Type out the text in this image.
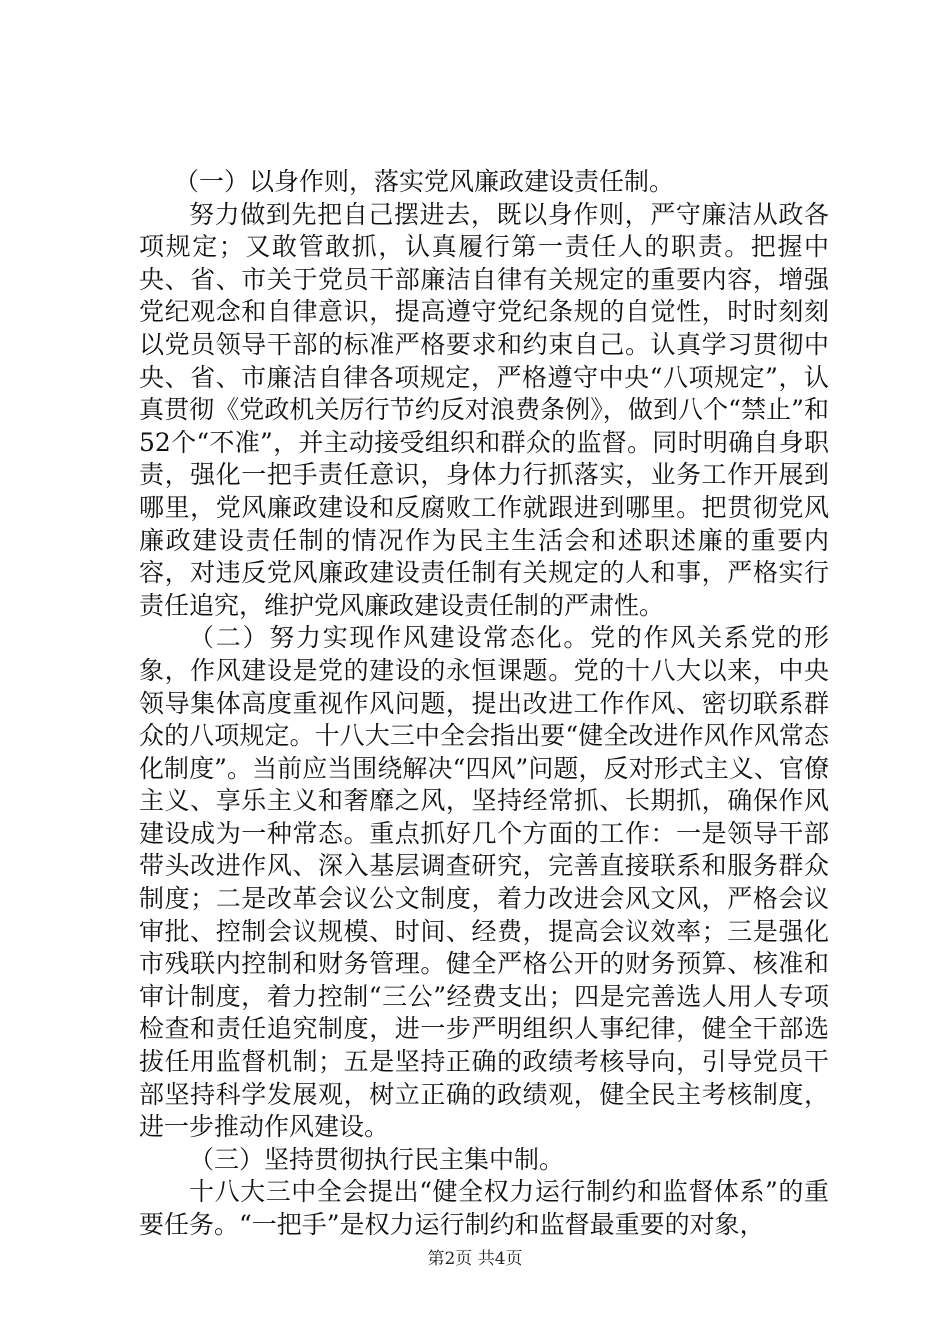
（一）以身作则，落实党风廉政建设责任制。

努力做到先把自己摆进去，既以身作则，严守廉洁从政各项规定；又敢管敢抓，认真履行第一责任人的职责。把握中央、省、市关于党员干部廉洁自律有关规定的重要内容，增强党纪观念和自律意识，提高遵守党纪条规的自觉性，时时刻刻以党员领导干部的标准严格要求和约束自己。认真学习贯彻中央、省、市廉洁自律各项规定，严格遵守中央“八项规定”，认真贯彻《党政机关厉行节约反对浪费条例》，做到八个“禁止”和52个“不准”，并主动接受组织和群众的监督。同时明确自身职责，强化一把手责任意识，身体力行抓落实，业务工作开展到哪里，党风廉政建设和反腐败工作就跟进到哪里。把贯彻党风廉政建设责任制的情况作为民主生活会和述职述廉的重要内容，对违反党风廉政建设责任制有关规定的人和事，严格实行责任追究，维护党风廉政建设责任制的严肃性。

（二）努力实现作风建设常态化。党的作风关系党的形象，作风建设是党的建设的永恒课题。党的十八大以来，中央领导集体高度重视作风问题，提出改进工作作风、密切联系群众的八项规定。十八大三中全会指出要“健全改进作风作风常态化制度”。当前应当围绕解决“四风”问题，反对形式主义、官僚主义、享乐主义和奢靡之风，坚持经常抓、长期抓，确保作风建设成为一种常态。重点抓好几个方面的工作：一是领导干部带头改进作风、深入基层调查研究，完善直接联系和服务群众制度；二是改革会议公文制度，着力改进会风文风，严格会议审批、控制会议规模、时间、经费，提高会议效率；三是强化市残联内控制和财务管理。健全严格公开的财务预算、核准和审计制度，着力控制“三公”经费支出；四是完善选人用人专项检查和责任追究制度，进一步严明组织人事纪律，健全干部选拔任用监督机制；五是坚持正确的政绩考核导向，引导党员干部坚持科学发展观，树立正确的政绩观，健全民主考核制度，进一步推动作风建设。

（三）坚持贯彻执行民主集中制。

十八大三中全会提出“健全权力运行制约和监督体系”的重要任务。“一把手”是权力运行制约和监督最重要的对象，

第2页 共4页
